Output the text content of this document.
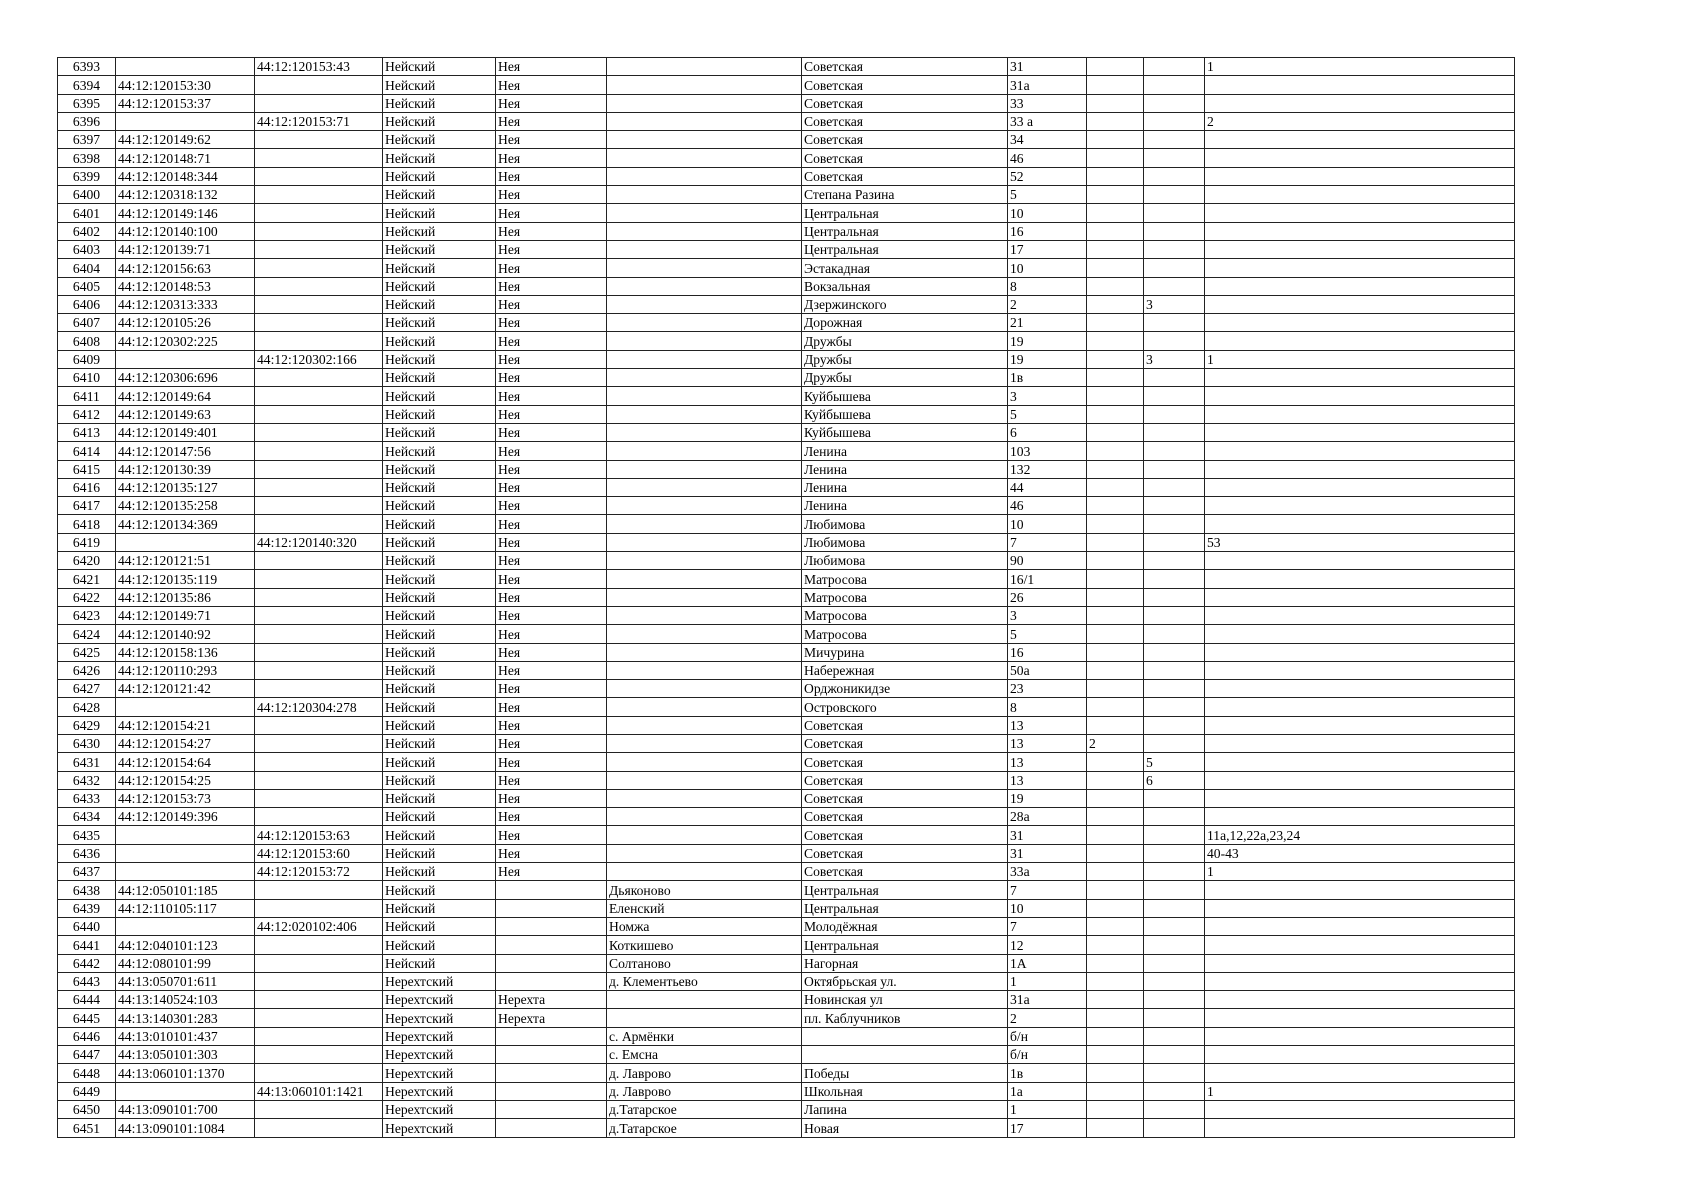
6393		44:12:120153:43	Нейский	Нея		Советская	31			1
6394	44:12:120153:30		Нейский	Нея		Советская	31а			
6395	44:12:120153:37		Нейский	Нея		Советская	33			
6396		44:12:120153:71	Нейский	Нея		Советская	33 а			2
6397	44:12:120149:62		Нейский	Нея		Советская	34			
6398	44:12:120148:71		Нейский	Нея		Советская	46			
6399	44:12:120148:344		Нейский	Нея		Советская	52			
6400	44:12:120318:132		Нейский	Нея		Степана Разина	5			
6401	44:12:120149:146		Нейский	Нея		Центральная	10			
6402	44:12:120140:100		Нейский	Нея		Центральная	16			
6403	44:12:120139:71		Нейский	Нея		Центральная	17			
6404	44:12:120156:63		Нейский	Нея		Эстакадная	10			
6405	44:12:120148:53		Нейский	Нея		Вокзальная	8			
6406	44:12:120313:333		Нейский	Нея		Дзержинского	2		3	
6407	44:12:120105:26		Нейский	Нея		Дорожная	21			
6408	44:12:120302:225		Нейский	Нея		Дружбы	19			
6409		44:12:120302:166	Нейский	Нея		Дружбы	19		3	1
6410	44:12:120306:696		Нейский	Нея		Дружбы	1в			
6411	44:12:120149:64		Нейский	Нея		Куйбышева	3			
6412	44:12:120149:63		Нейский	Нея		Куйбышева	5			
6413	44:12:120149:401		Нейский	Нея		Куйбышева	6			
6414	44:12:120147:56		Нейский	Нея		Ленина	103			
6415	44:12:120130:39		Нейский	Нея		Ленина	132			
6416	44:12:120135:127		Нейский	Нея		Ленина	44			
6417	44:12:120135:258		Нейский	Нея		Ленина	46			
6418	44:12:120134:369		Нейский	Нея		Любимова	10			
6419		44:12:120140:320	Нейский	Нея		Любимова	7			53
6420	44:12:120121:51		Нейский	Нея		Любимова	90			
6421	44:12:120135:119		Нейский	Нея		Матросова	16/1			
6422	44:12:120135:86		Нейский	Нея		Матросова	26			
6423	44:12:120149:71		Нейский	Нея		Матросова	3			
6424	44:12:120140:92		Нейский	Нея		Матросова	5			
6425	44:12:120158:136		Нейский	Нея		Мичурина	16			
6426	44:12:120110:293		Нейский	Нея		Набережная	50а			
6427	44:12:120121:42		Нейский	Нея		Орджоникидзе	23			
6428		44:12:120304:278	Нейский	Нея		Островского	8			
6429	44:12:120154:21		Нейский	Нея		Советская	13			
6430	44:12:120154:27		Нейский	Нея		Советская	13	2		
6431	44:12:120154:64		Нейский	Нея		Советская	13		5	
6432	44:12:120154:25		Нейский	Нея		Советская	13		6	
6433	44:12:120153:73		Нейский	Нея		Советская	19			
6434	44:12:120149:396		Нейский	Нея		Советская	28а			
6435		44:12:120153:63	Нейский	Нея		Советская	31			11а,12,22а,23,24
6436		44:12:120153:60	Нейский	Нея		Советская	31			40-43
6437		44:12:120153:72	Нейский	Нея		Советская	33а			1
6438	44:12:050101:185		Нейский		Дьяконово	Центральная	7			
6439	44:12:110105:117		Нейский		Еленский	Центральная	10			
6440		44:12:020102:406	Нейский		Номжа	Молодёжная	7			
6441	44:12:040101:123		Нейский		Коткишево	Центральная	12			
6442	44:12:080101:99		Нейский		Солтаново	Нагорная	1А			
6443	44:13:050701:611		Нерехтский		д. Клементьево	Октябрьская ул.	1			
6444	44:13:140524:103		Нерехтский	Нерехта		Новинская ул	31а			
6445	44:13:140301:283		Нерехтский	Нерехта		пл. Каблучников	2			
6446	44:13:010101:437		Нерехтский		с. Армёнки		б/н			
6447	44:13:050101:303		Нерехтский		с. Емсна		б/н			
6448	44:13:060101:1370		Нерехтский		д. Лаврово	Победы	1в			
6449		44:13:060101:1421	Нерехтский		д. Лаврово	Школьная	1а			1
6450	44:13:090101:700		Нерехтский		д.Татарское	Лапина	1			
6451	44:13:090101:1084		Нерехтский		д.Татарское	Новая	17			
